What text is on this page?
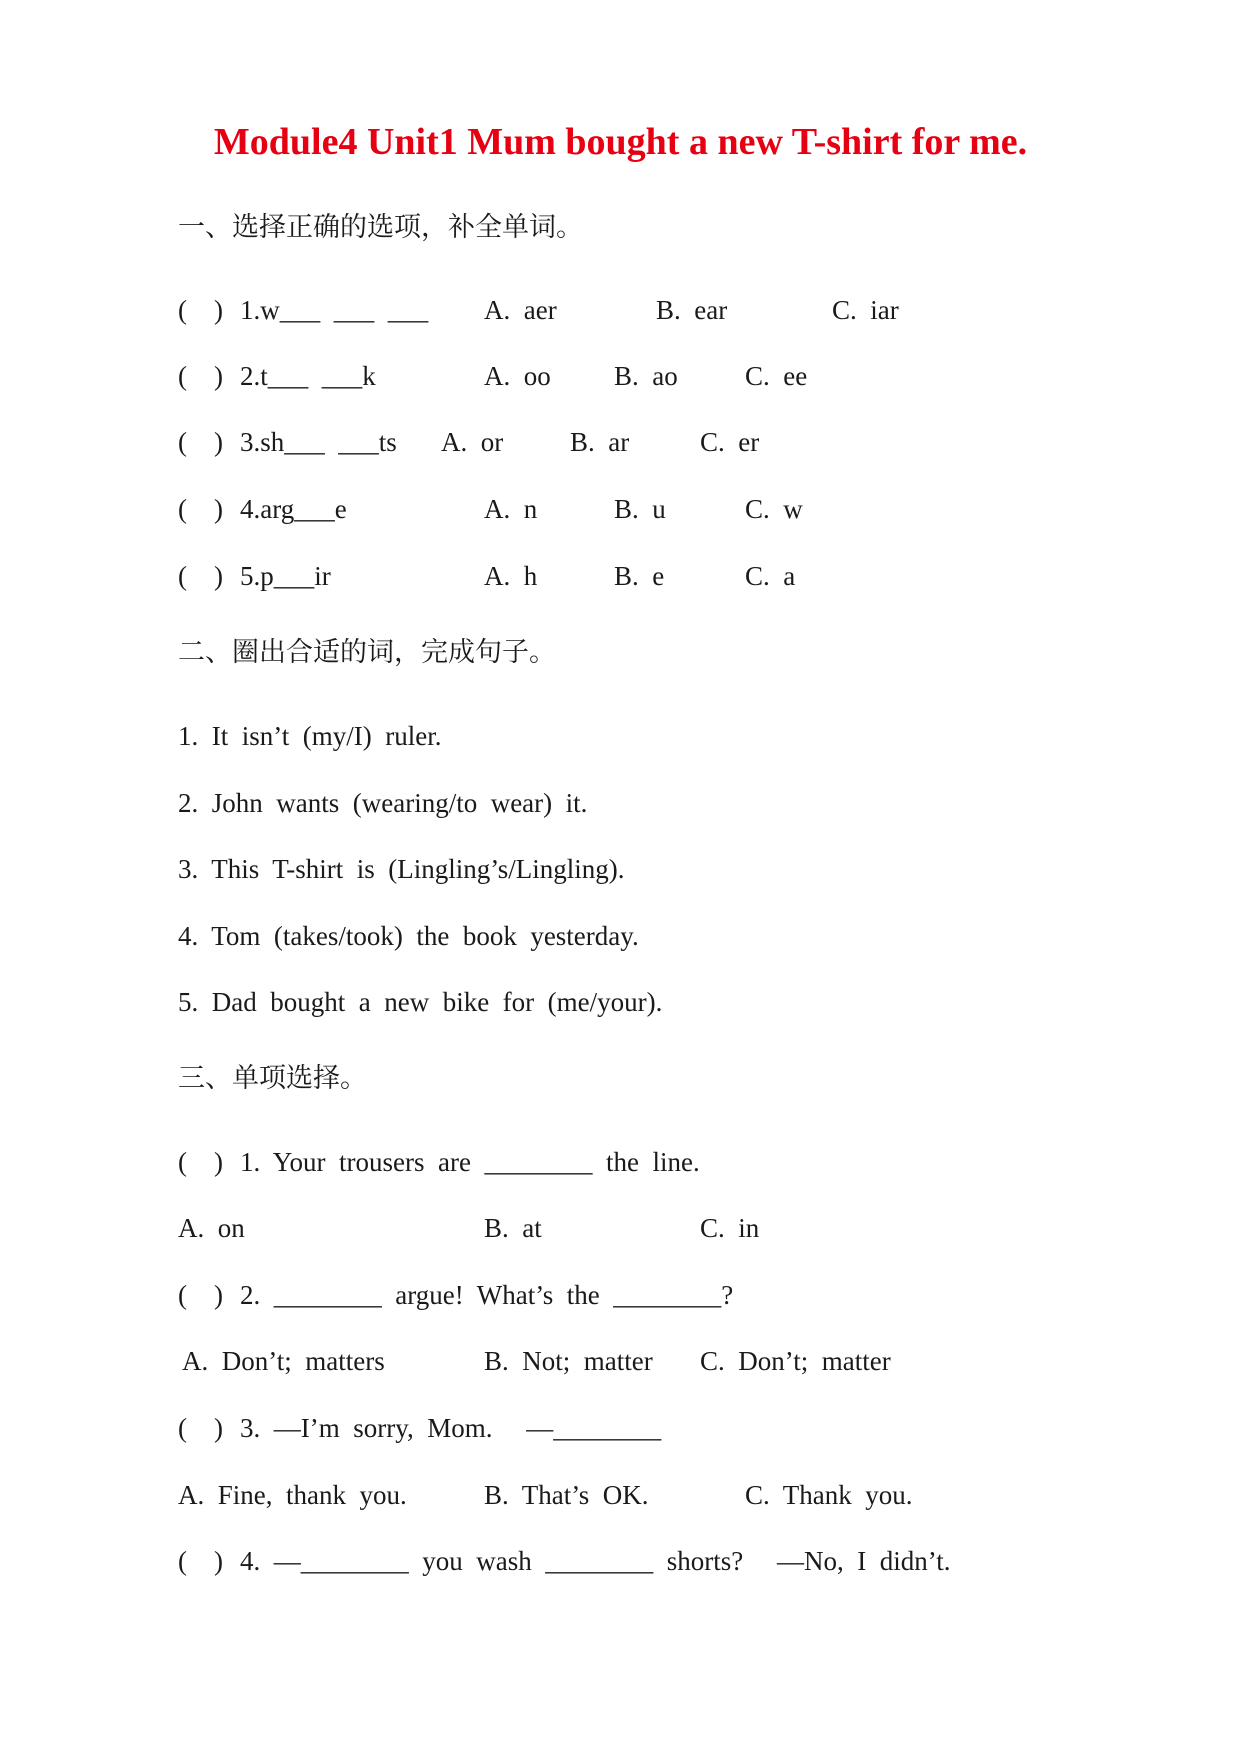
Module4 Unit1 Mum bought a new T-shirt for me.
一、选择正确的选项，补全单词。
(    ) 1.w___  ___  ___ A.  aer	B.  ear	C.  iar
(    ) 2.t___  ___k	A.  oo B.  ao C.  ee
(    ) 3.sh___  ___ts A.  or B.  ar	C.  er
(    ) 4.arg___e	A.  n	B.  u	C.  w
(    ) 5.p___ir	A.  h	B.  e	C.  a
二、圈出合适的词，完成句子。
1.  It  isn’t  (my/I)  ruler.
2.  John  wants  (wearing/to  wear)  it.
3.  This  T-shirt  is  (Lingling’s/Lingling).
4.  Tom  (takes/took)  the  book  yesterday.
5.  Dad  bought  a  new  bike  for  (me/your).
三、单项选择。
(    ) 1.  Your  trousers  are  ________  the  line.
A.  on	B.  at	C.  in
(    ) 2.  ________  argue!  What’s  the  ________?
A.  Don’t;  matters	B.  Not;  matter C.  Don’t;  matter
(    ) 3.  —I’m  sorry,  Mom.     —________
A.  Fine,  thank  you.	B.  That’s  OK.	C.  Thank  you.
(    ) 4.  —________  you  wash  ________  shorts?     —No,  I  didn’t.
